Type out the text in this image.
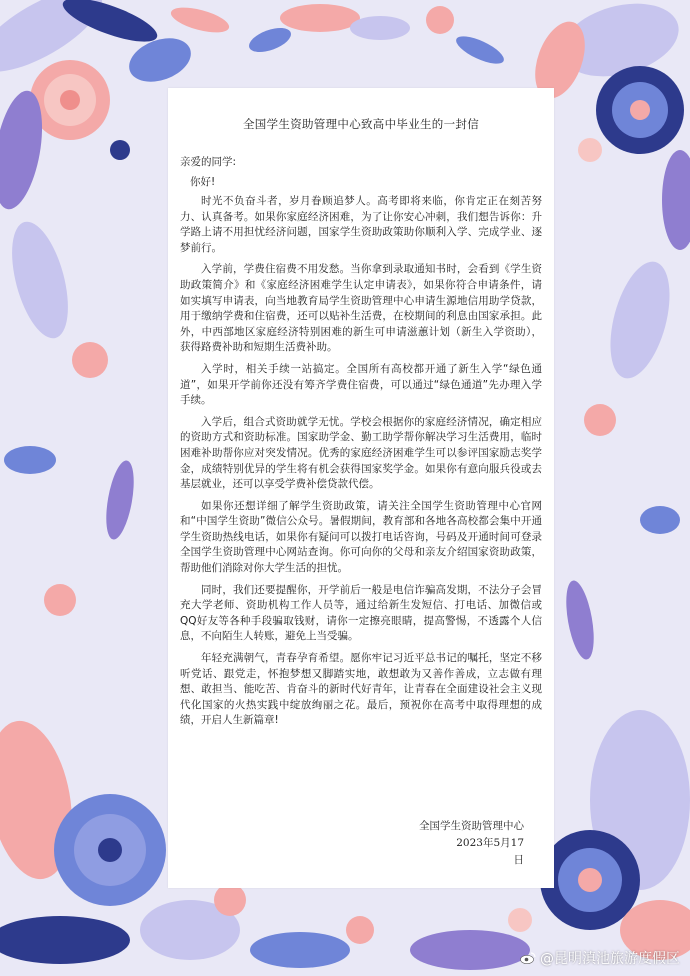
全国学生资助管理中心致高中毕业生的一封信
亲爱的同学:
你好!

时光不负奋斗者，岁月眷顾追梦人。高考即将来临，你肯定正在刻苦努力、认真备考。如果你家庭经济困难，为了让你安心冲刺，我们想告诉你：升学路上请不用担忧经济问题，国家学生资助政策助你顺利入学、完成学业、逐梦前行。

入学前，学费住宿费不用发愁。当你拿到录取通知书时，会看到《学生资助政策简介》和《家庭经济困难学生认定申请表》，如果你符合申请条件，请如实填写申请表，向当地教育局学生资助管理中心申请生源地信用助学贷款，用于缴纳学费和住宿费，还可以贴补生活费，在校期间的利息由国家承担。此外，中西部地区家庭经济特别困难的新生可申请滋蕙计划（新生入学资助），获得路费补助和短期生活费补助。

入学时，相关手续一站搞定。全国所有高校都开通了新生入学“绿色通道”，如果开学前你还没有筹齐学费住宿费，可以通过“绿色通道”先办理入学手续。

入学后，组合式资助就学无忧。学校会根据你的家庭经济情况，确定相应的资助方式和资助标准。国家助学金、勤工助学帮你解决学习生活费用，临时困难补助帮你应对突发情况。优秀的家庭经济困难学生可以参评国家励志奖学金，成绩特别优异的学生将有机会获得国家奖学金。如果你有意向服兵役或去基层就业，还可以享受学费补偿贷款代偿。

如果你还想详细了解学生资助政策，请关注全国学生资助管理中心官网和“中国学生资助”微信公众号。暑假期间，教育部和各地各高校都会集中开通学生资助热线电话，如果你有疑问可以拨打电话咨询，号码及开通时间可登录全国学生资助管理中心网站查询。你可向你的父母和亲友介绍国家资助政策，帮助他们消除对你大学生活的担忧。

同时，我们还要提醒你，开学前后一般是电信诈骗高发期，不法分子会冒充大学老师、资助机构工作人员等，通过给新生发短信、打电话、加微信或QQ好友等各种手段骗取钱财，请你一定擦亮眼睛，提高警惕，不透露个人信息，不向陌生人转账，避免上当受骗。

年轻充满朝气，青春孕育希望。愿你牢记习近平总书记的嘱托，坚定不移听党话、跟党走，怀抱梦想又脚踏实地，敢想敢为又善作善成，立志做有理想、敢担当、能吃苦、肯奋斗的新时代好青年，让青春在全面建设社会主义现代化国家的火热实践中绽放绚丽之花。最后，预祝你在高考中取得理想的成绩，开启人生新篇章!

全国学生资助管理中心
2023年5月17
日
@昆明滇池旅游度假区
